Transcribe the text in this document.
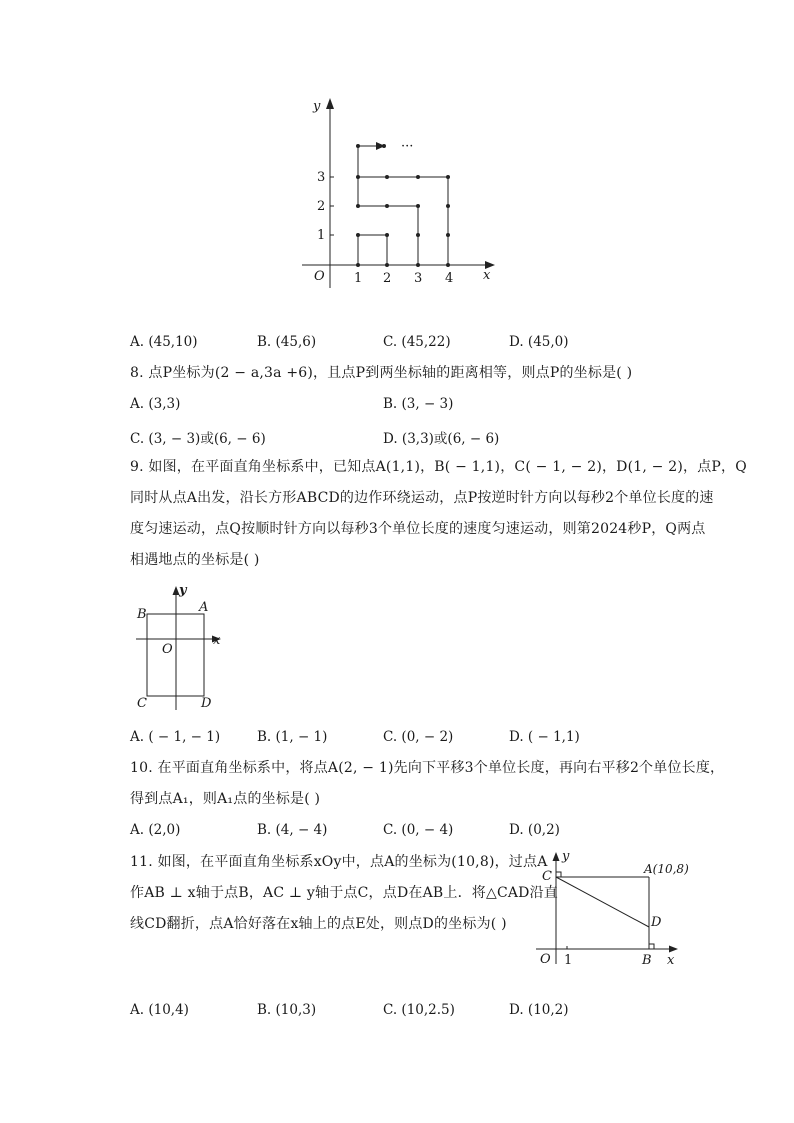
y
x
O
1
2
3
1 2 3 4
···
A. (45,10)	B. (45,6)	C. (45,22)	D. (45,0)
8. 点P坐标为(2 − a,3a +6)，且点P到两坐标轴的距离相等，则点P的坐标是( )
A. (3,3)	B. (3, − 3)
C. (3, − 3)或(6, − 6)	D. (3,3)或(6, − 6)
9. 如图，在平面直角坐标系中，已知点A(1,1)，B( − 1,1)，C( − 1, − 2)，D(1, − 2)，点P，Q
同时从点A出发，沿长方形ABCD的边作环绕运动，点P按逆时针方向以每秒2个单位长度的速
度匀速运动，点Q按顺时针方向以每秒3个单位长度的速度匀速运动，则第2024秒P，Q两点
相遇地点的坐标是( )
y
x
O
B	A
C	D
A. ( − 1, − 1)	B. (1, − 1)	C. (0, − 2)	D. ( − 1,1)
10. 在平面直角坐标系中，将点A(2, − 1)先向下平移3个单位长度，再向右平移2个单位长度，
得到点A₁，则A₁点的坐标是( )
A. (2,0)	B. (4, − 4)	C. (0, − 4)	D. (0,2)
11. 如图，在平面直角坐标系xOy中，点A的坐标为(10,8)，过点A
作AB ⊥ x轴于点B，AC ⊥ y轴于点C，点D在AB上．将△CAD沿直
线CD翻折，点A恰好落在x轴上的点E处，则点D的坐标为( )
y
x
O 1	B
C	A(10,8)
D
A. (10,4)	B. (10,3)	C. (10,2.5)	D. (10,2)
